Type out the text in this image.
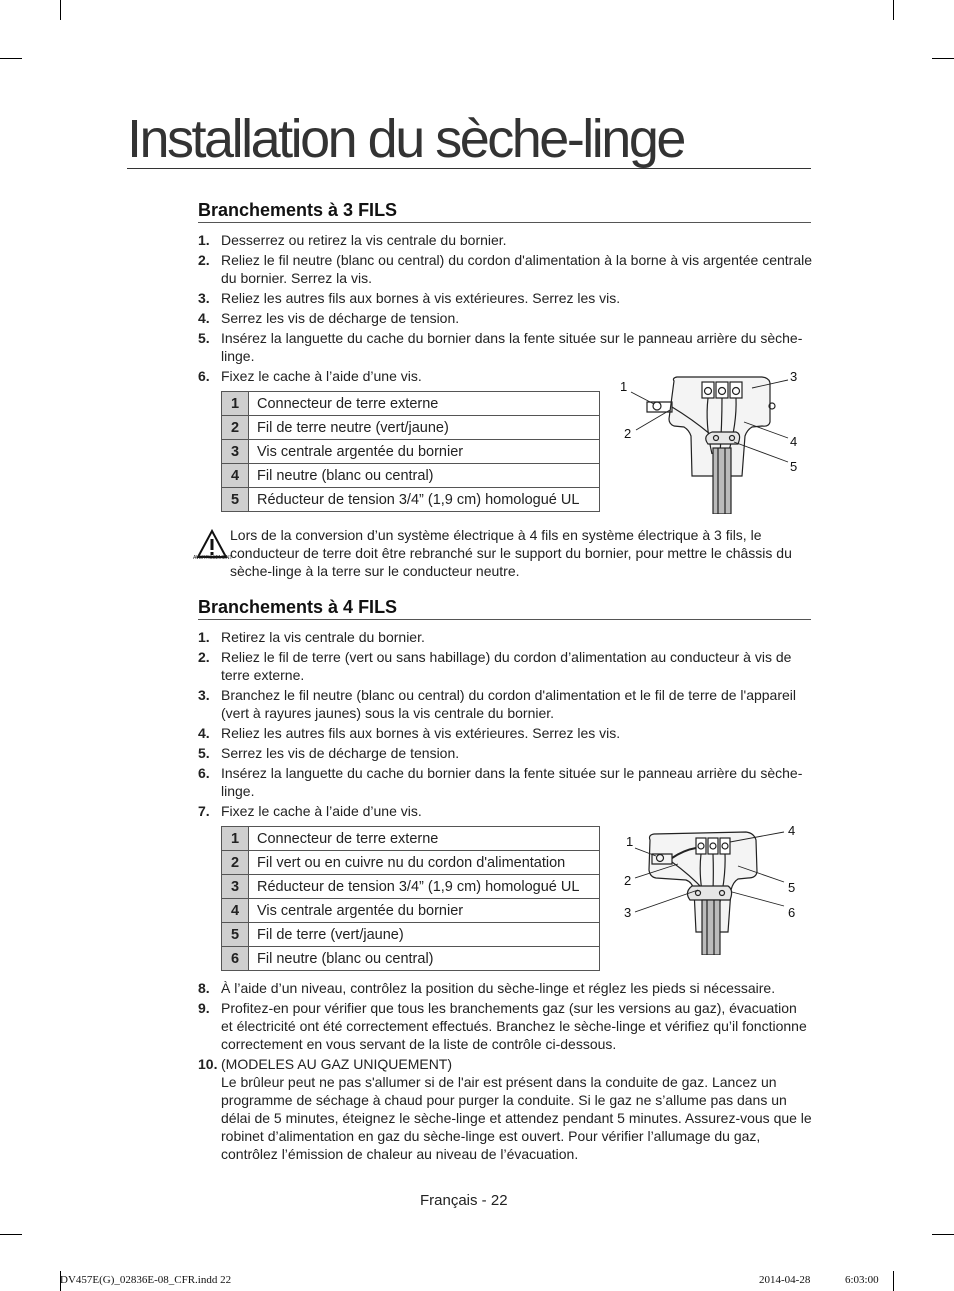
Installation du sèche-linge
Branchements à 3 FILS
1. Desserrez ou retirez la vis centrale du bornier.
2. Reliez le fil neutre (blanc ou central) du cordon d'alimentation à la borne à vis argentée centrale du bornier. Serrez la vis.
3. Reliez les autres fils aux bornes à vis extérieures. Serrez les vis.
4. Serrez les vis de décharge de tension.
5. Insérez la languette du cache du bornier dans la fente située sur le panneau arrière du sèche-linge.
6. Fixez le cache à l’aide d’une vis.
1	Connecteur de terre externe
2	Fil de terre neutre (vert/jaune)
3	Vis centrale argentée du bornier
4	Fil neutre (blanc ou central)
5	Réducteur de tension 3/4” (1,9 cm) homologué UL
1
2
3
4
5
AVERTISSEMENT
Lors de la conversion d’un système électrique à 4 fils en système électrique à 3 fils, le conducteur de terre doit être rebranché sur le support du bornier, pour mettre le châssis du sèche-linge à la terre sur le conducteur neutre.
Branchements à 4 FILS
1. Retirez la vis centrale du bornier.
2. Reliez le fil de terre (vert ou sans habillage) du cordon d’alimentation au conducteur à vis de terre externe.
3. Branchez le fil neutre (blanc ou central) du cordon d'alimentation et le fil de terre de l'appareil (vert à rayures jaunes) sous la vis centrale du bornier.
4. Reliez les autres fils aux bornes à vis extérieures. Serrez les vis.
5. Serrez les vis de décharge de tension.
6. Insérez la languette du cache du bornier dans la fente située sur le panneau arrière du sèche-linge.
7. Fixez le cache à l’aide d’une vis.
1	Connecteur de terre externe
2	Fil vert ou en cuivre nu du cordon d'alimentation
3	Réducteur de tension 3/4” (1,9 cm) homologué UL
4	Vis centrale argentée du bornier
5	Fil de terre (vert/jaune)
6	Fil neutre (blanc ou central)
1
2
3
4
5
6
8. À l’aide d’un niveau, contrôlez la position du sèche-linge et réglez les pieds si nécessaire.
9. Profitez-en pour vérifier que tous les branchements gaz (sur les versions au gaz), évacuation et électricité ont été correctement effectués. Branchez le sèche-linge et vérifiez qu’il fonctionne correctement en vous servant de la liste de contrôle ci-dessous.
10. (MODELES AU GAZ UNIQUEMENT)
Le brûleur peut ne pas s'allumer si de l'air est présent dans la conduite de gaz. Lancez un programme de séchage à chaud pour purger la conduite. Si le gaz ne s’allume pas dans un délai de 5 minutes, éteignez le sèche-linge et attendez pendant 5 minutes. Assurez-vous que le robinet d’alimentation en gaz du sèche-linge est ouvert. Pour vérifier l’allumage du gaz, contrôlez l’émission de chaleur au niveau de l’évacuation.
Français - 22
DV457E(G)_02836E-08_CFR.indd 22	2014-04-28	6:03:00
